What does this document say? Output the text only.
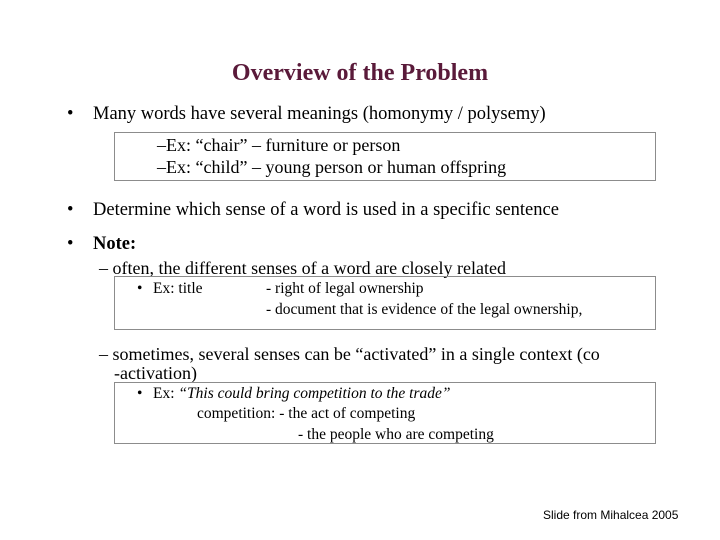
Overview of the Problem
• Many words have several meanings (homonymy / polysemy)
–Ex: “chair” – furniture or person
–Ex: “child” – young person or human offspring
• Determine which sense of a word is used in a specific sentence
• Note:
– often, the different senses of a word are closely related
• Ex: title	- right of legal ownership
- document that is evidence of the legal ownership,
– sometimes, several senses can be “activated” in a single context (co
-activation)
• Ex: “This could bring competition to the trade”
competition: - the act of competing
- the people who are competing
Slide from Mihalcea 2005
